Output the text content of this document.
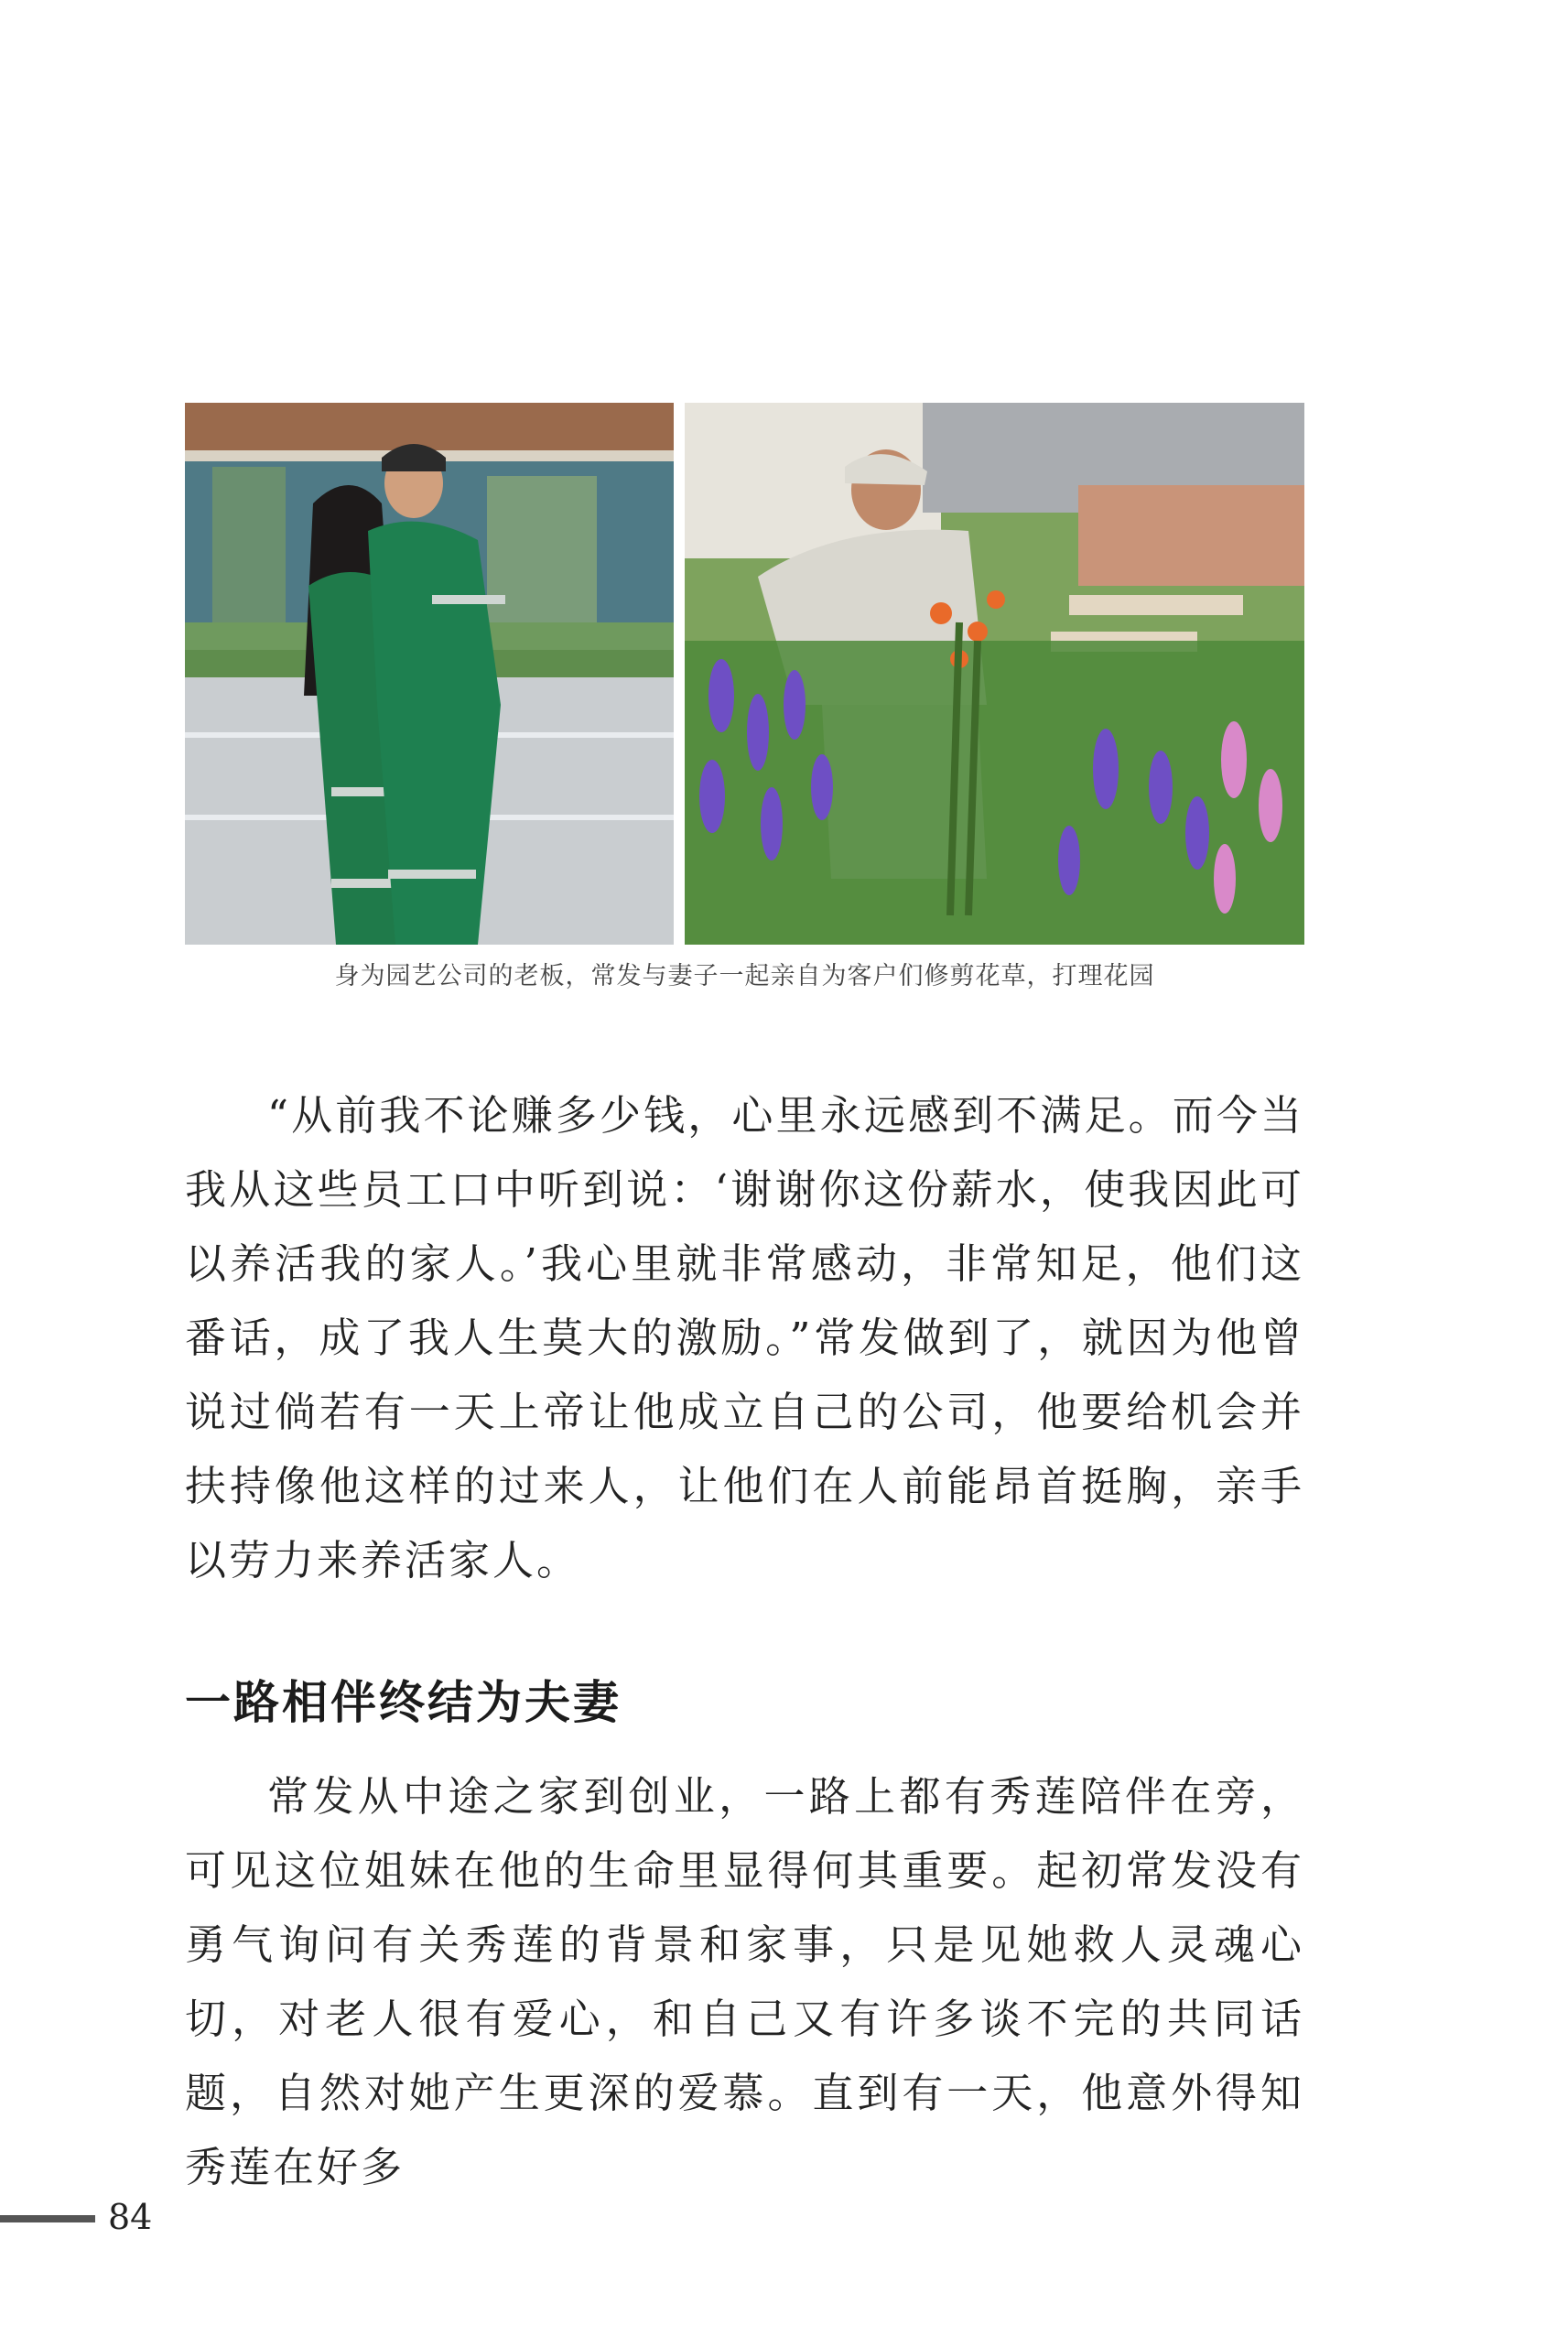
身为园艺公司的老板，常发与妻子一起亲自为客户们修剪花草，打理花园

“从前我不论赚多少钱，心里永远感到不满足。而今当我从这些员工口中听到说：‘谢谢你这份薪水，使我因此可以养活我的家人。’我心里就非常感动，非常知足，他们这番话，成了我人生莫大的激励。”常发做到了，就因为他曾说过倘若有一天上帝让他成立自己的公司，他要给机会并扶持像他这样的过来人，让他们在人前能昂首挺胸，亲手以劳力来养活家人。

一路相伴终结为夫妻

常发从中途之家到创业，一路上都有秀莲陪伴在旁，可见这位姐妹在他的生命里显得何其重要。起初常发没有勇气询问有关秀莲的背景和家事，只是见她救人灵魂心切，对老人很有爱心，和自己又有许多谈不完的共同话题，自然对她产生更深的爱慕。直到有一天，他意外得知秀莲在好多

84
